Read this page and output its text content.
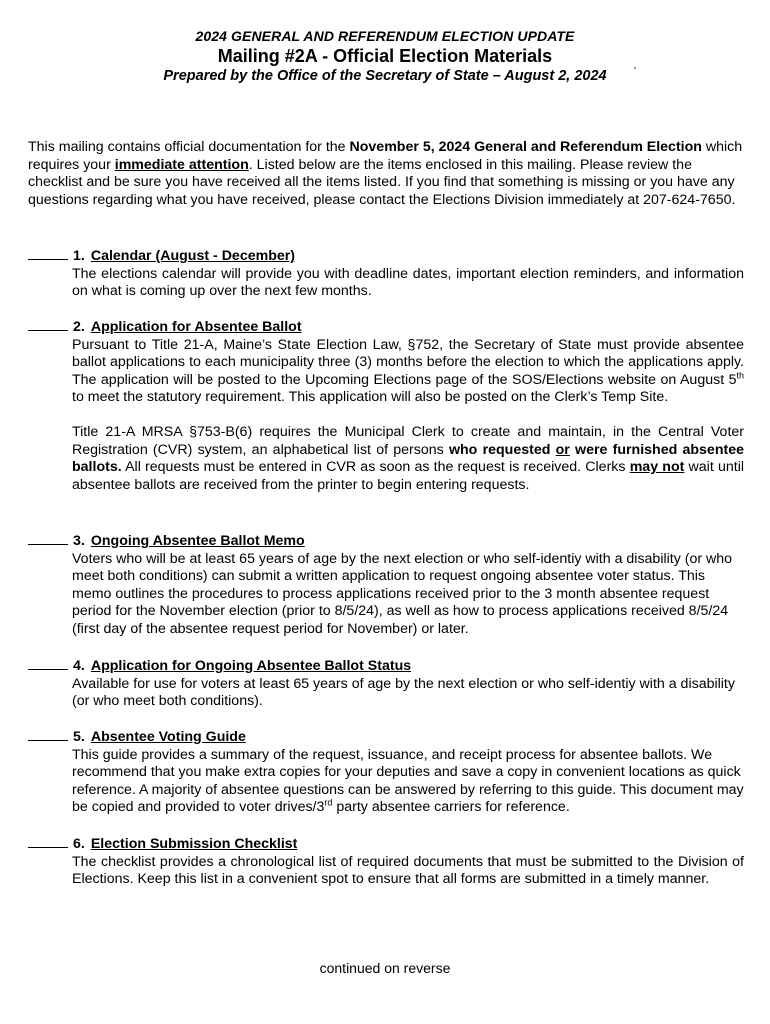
2024 GENERAL AND REFERENDUM ELECTION UPDATE
Mailing #2A - Official Election Materials
Prepared by the Office of the Secretary of State – August 2, 2024	`
This mailing contains official documentation for the November 5, 2024 General and Referendum Election which requires your immediate attention. Listed below are the items enclosed in this mailing. Please review the checklist and be sure you have received all the items listed. If you find that something is missing or you have any questions regarding what you have received, please contact the Elections Division immediately at 207-624-7650.
1. Calendar (August - December)
The elections calendar will provide you with deadline dates, important election reminders, and information on what is coming up over the next few months.
2. Application for Absentee Ballot
Pursuant to Title 21-A, Maine’s State Election Law, §752, the Secretary of State must provide absentee ballot applications to each municipality three (3) months before the election to which the applications apply. The application will be posted to the Upcoming Elections page of the SOS/Elections website on August 5th to meet the statutory requirement. This application will also be posted on the Clerk’s Temp Site.
Title 21-A MRSA §753-B(6) requires the Municipal Clerk to create and maintain, in the Central Voter Registration (CVR) system, an alphabetical list of persons who requested or were furnished absentee ballots. All requests must be entered in CVR as soon as the request is received. Clerks may not wait until absentee ballots are received from the printer to begin entering requests.
3. Ongoing Absentee Ballot Memo
Voters who will be at least 65 years of age by the next election or who self-identiy with a disability (or who meet both conditions) can submit a written application to request ongoing absentee voter status. This memo outlines the procedures to process applications received prior to the 3 month absentee request period for the November election (prior to 8/5/24), as well as how to process applications received 8/5/24 (first day of the absentee request period for November) or later.
4. Application for Ongoing Absentee Ballot Status
Available for use for voters at least 65 years of age by the next election or who self-identiy with a disability (or who meet both conditions).
5. Absentee Voting Guide
This guide provides a summary of the request, issuance, and receipt process for absentee ballots. We recommend that you make extra copies for your deputies and save a copy in convenient locations as quick reference. A majority of absentee questions can be answered by referring to this guide. This document may be copied and provided to voter drives/3rd party absentee carriers for reference.
6. Election Submission Checklist
The checklist provides a chronological list of required documents that must be submitted to the Division of Elections. Keep this list in a convenient spot to ensure that all forms are submitted in a timely manner.
continued on reverse
